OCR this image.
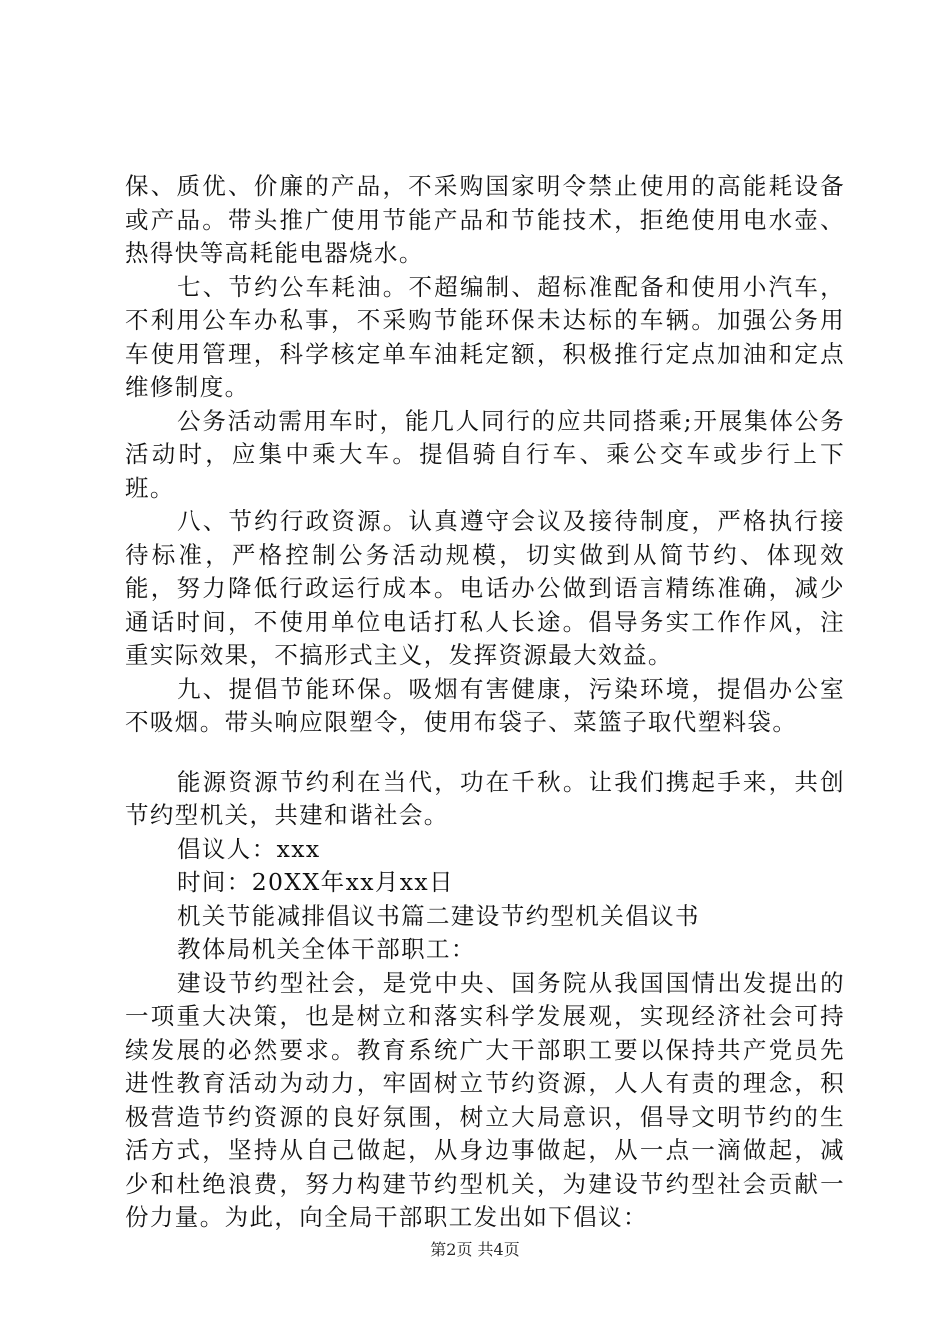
保、质优、价廉的产品，不采购国家明令禁止使用的高能耗设备或产品。带头推广使用节能产品和节能技术，拒绝使用电水壶、热得快等高耗能电器烧水。

七、节约公车耗油。不超编制、超标准配备和使用小汽车，不利用公车办私事，不采购节能环保未达标的车辆。加强公务用车使用管理，科学核定单车油耗定额，积极推行定点加油和定点维修制度。

公务活动需用车时，能几人同行的应共同搭乘;开展集体公务活动时，应集中乘大车。提倡骑自行车、乘公交车或步行上下班。

八、节约行政资源。认真遵守会议及接待制度，严格执行接待标准，严格控制公务活动规模，切实做到从简节约、体现效能，努力降低行政运行成本。电话办公做到语言精练准确，减少通话时间，不使用单位电话打私人长途。倡导务实工作作风，注重实际效果，不搞形式主义，发挥资源最大效益。

九、提倡节能环保。吸烟有害健康，污染环境，提倡办公室不吸烟。带头响应限塑令，使用布袋子、菜篮子取代塑料袋。

能源资源节约利在当代，功在千秋。让我们携起手来，共创节约型机关，共建和谐社会。

倡议人：xxx

时间：20XX年xx月xx日

机关节能减排倡议书篇二建设节约型机关倡议书

教体局机关全体干部职工：

建设节约型社会，是党中央、国务院从我国国情出发提出的一项重大决策，也是树立和落实科学发展观，实现经济社会可持续发展的必然要求。教育系统广大干部职工要以保持共产党员先进性教育活动为动力，牢固树立节约资源，人人有责的理念，积极营造节约资源的良好氛围，树立大局意识，倡导文明节约的生活方式，坚持从自己做起，从身边事做起，从一点一滴做起，减少和杜绝浪费，努力构建节约型机关，为建设节约型社会贡献一份力量。为此，向全局干部职工发出如下倡议：

第2页 共4页
